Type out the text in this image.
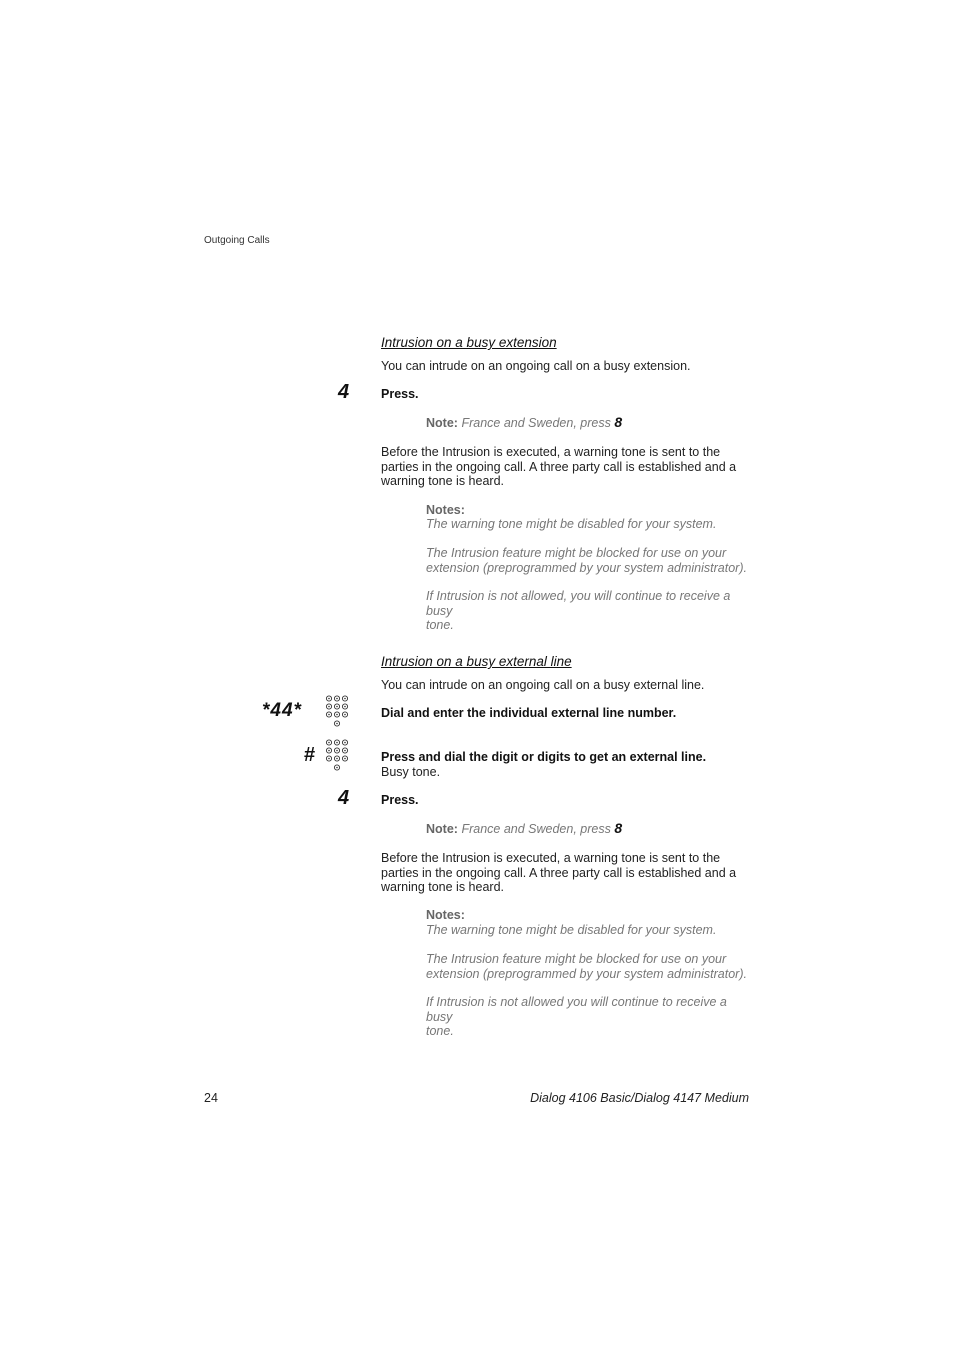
Outgoing Calls
Intrusion on a busy extension
You can intrude on an ongoing call on a busy extension.
4	Press.
Note: France and Sweden, press 8
Before the Intrusion is executed, a warning tone is sent to the
parties in the ongoing call. A three party call is established and a
warning tone is heard.
Notes:
The warning tone might be disabled for your system.
The Intrusion feature might be blocked for use on your
extension (preprogrammed by your system administrator).
If Intrusion is not allowed, you will continue to receive a busy
tone.
Intrusion on a busy external line
You can intrude on an ongoing call on a busy external line.
*44*	Dial and enter the individual external line number.
#	Press and dial the digit or digits to get an external line.
Busy tone.
4	Press.
Note: France and Sweden, press 8
Before the Intrusion is executed, a warning tone is sent to the
parties in the ongoing call. A three party call is established and a
warning tone is heard.
Notes:
The warning tone might be disabled for your system.
The Intrusion feature might be blocked for use on your
extension (preprogrammed by your system administrator).
If Intrusion is not allowed you will continue to receive a busy
tone.
24	Dialog 4106 Basic/Dialog 4147 Medium
